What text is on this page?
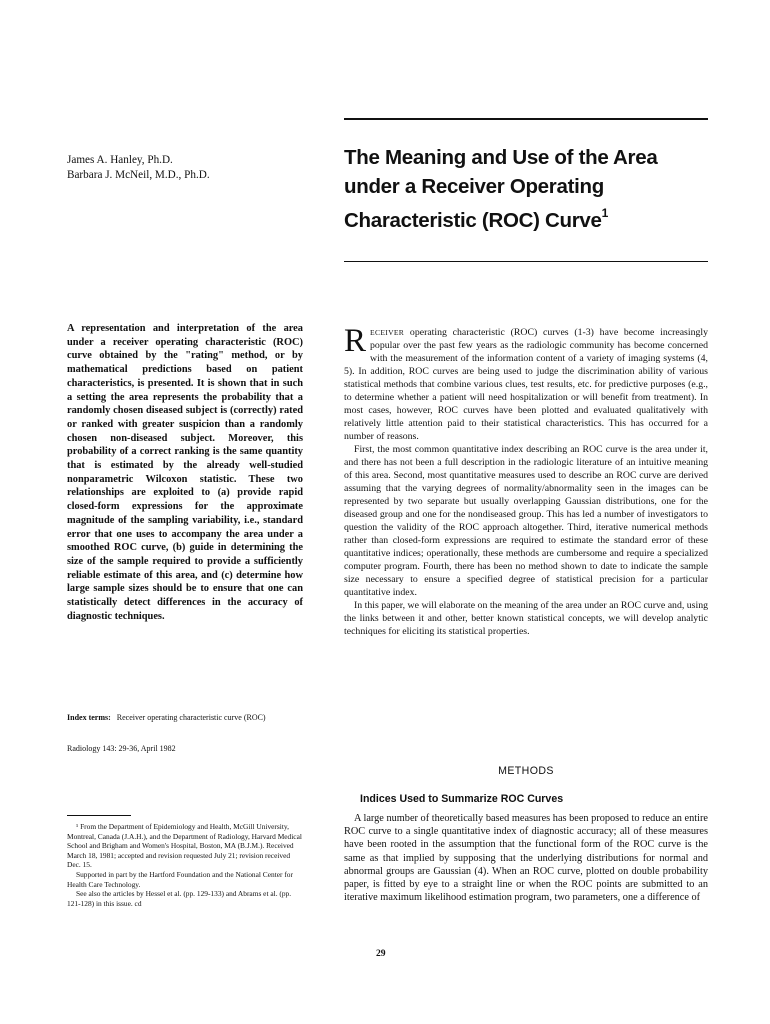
James A. Hanley, Ph.D.
Barbara J. McNeil, M.D., Ph.D.
The Meaning and Use of the Area
under a Receiver Operating
Characteristic (ROC) Curve$^1$
A representation and interpretation of the area under a receiver operating characteristic (ROC) curve obtained by the "rating" method, or by mathematical predictions based on patient characteristics, is presented. It is shown that in such a setting the area represents the probability that a randomly chosen diseased subject is (correctly) rated or ranked with greater suspicion than a randomly chosen non-diseased subject. Moreover, this probability of a correct ranking is the same quantity that is estimated by the already well-studied nonparametric Wilcoxon statistic. These two relationships are exploited to (a) provide rapid closed-form expressions for the approximate magnitude of the sampling variability, i.e., standard error that one uses to accompany the area under a smoothed ROC curve, (b) guide in determining the size of the sample required to provide a sufficiently reliable estimate of this area, and (c) determine how large sample sizes should be to ensure that one can statistically detect differences in the accuracy of diagnostic techniques.
Index terms: Receiver operating characteristic curve (ROC)
Radiology 143: 29-36, April 1982

¹ From the Department of Epidemiology and Health, McGill University, Montreal, Canada (J.A.H.), and the Department of Radiology, Harvard Medical School and Brigham and Women's Hospital, Boston, MA (B.J.M.). Received March 18, 1981; accepted and revision requested July 21; revision received Dec. 15.

Supported in part by the Hartford Foundation and the National Center for Health Care Technology.

See also the articles by Hessel et al. (pp. 129-133) and Abrams et al. (pp. 121-128) in this issue. cd

RECEIVER operating characteristic (ROC) curves (1-3) have become increasingly popular over the past few years as the radiologic community has become concerned with the measurement of the information content of a variety of imaging systems (4, 5). In addition, ROC curves are being used to judge the discrimination ability of various statistical methods that combine various clues, test results, etc. for predictive purposes (e.g., to determine whether a patient will need hospitalization or will benefit from treatment). In most cases, however, ROC curves have been plotted and evaluated qualitatively with relatively little attention paid to their statistical characteristics. This has occurred for a number of reasons.

First, the most common quantitative index describing an ROC curve is the area under it, and there has not been a full description in the radiologic literature of an intuitive meaning of this area. Second, most quantitative measures used to describe an ROC curve are derived assuming that the varying degrees of normality/abnormality seen in the images can be represented by two separate but usually overlapping Gaussian distributions, one for the diseased group and one for the nondiseased group. This has led a number of investigators to question the validity of the ROC approach altogether. Third, iterative numerical methods rather than closed-form expressions are required to estimate the standard error of these quantitative indices; operationally, these methods are cumbersome and require a specialized computer program. Fourth, there has been no method shown to date to indicate the sample size necessary to ensure a specified degree of statistical precision for a particular quantitative index.

In this paper, we will elaborate on the meaning of the area under an ROC curve and, using the links between it and other, better known statistical concepts, we will develop analytic techniques for eliciting its statistical properties.

METHODS
Indices Used to Summarize ROC Curves

A large number of theoretically based measures has been proposed to reduce an entire ROC curve to a single quantitative index of diagnostic accuracy; all of these measures have been rooted in the assumption that the functional form of the ROC curve is the same as that implied by supposing that the underlying distributions for normal and abnormal groups are Gaussian (4). When an ROC curve, plotted on double probability paper, is fitted by eye to a straight line or when the ROC points are submitted to an iterative maximum likelihood estimation program, two parameters, one a difference of

29
